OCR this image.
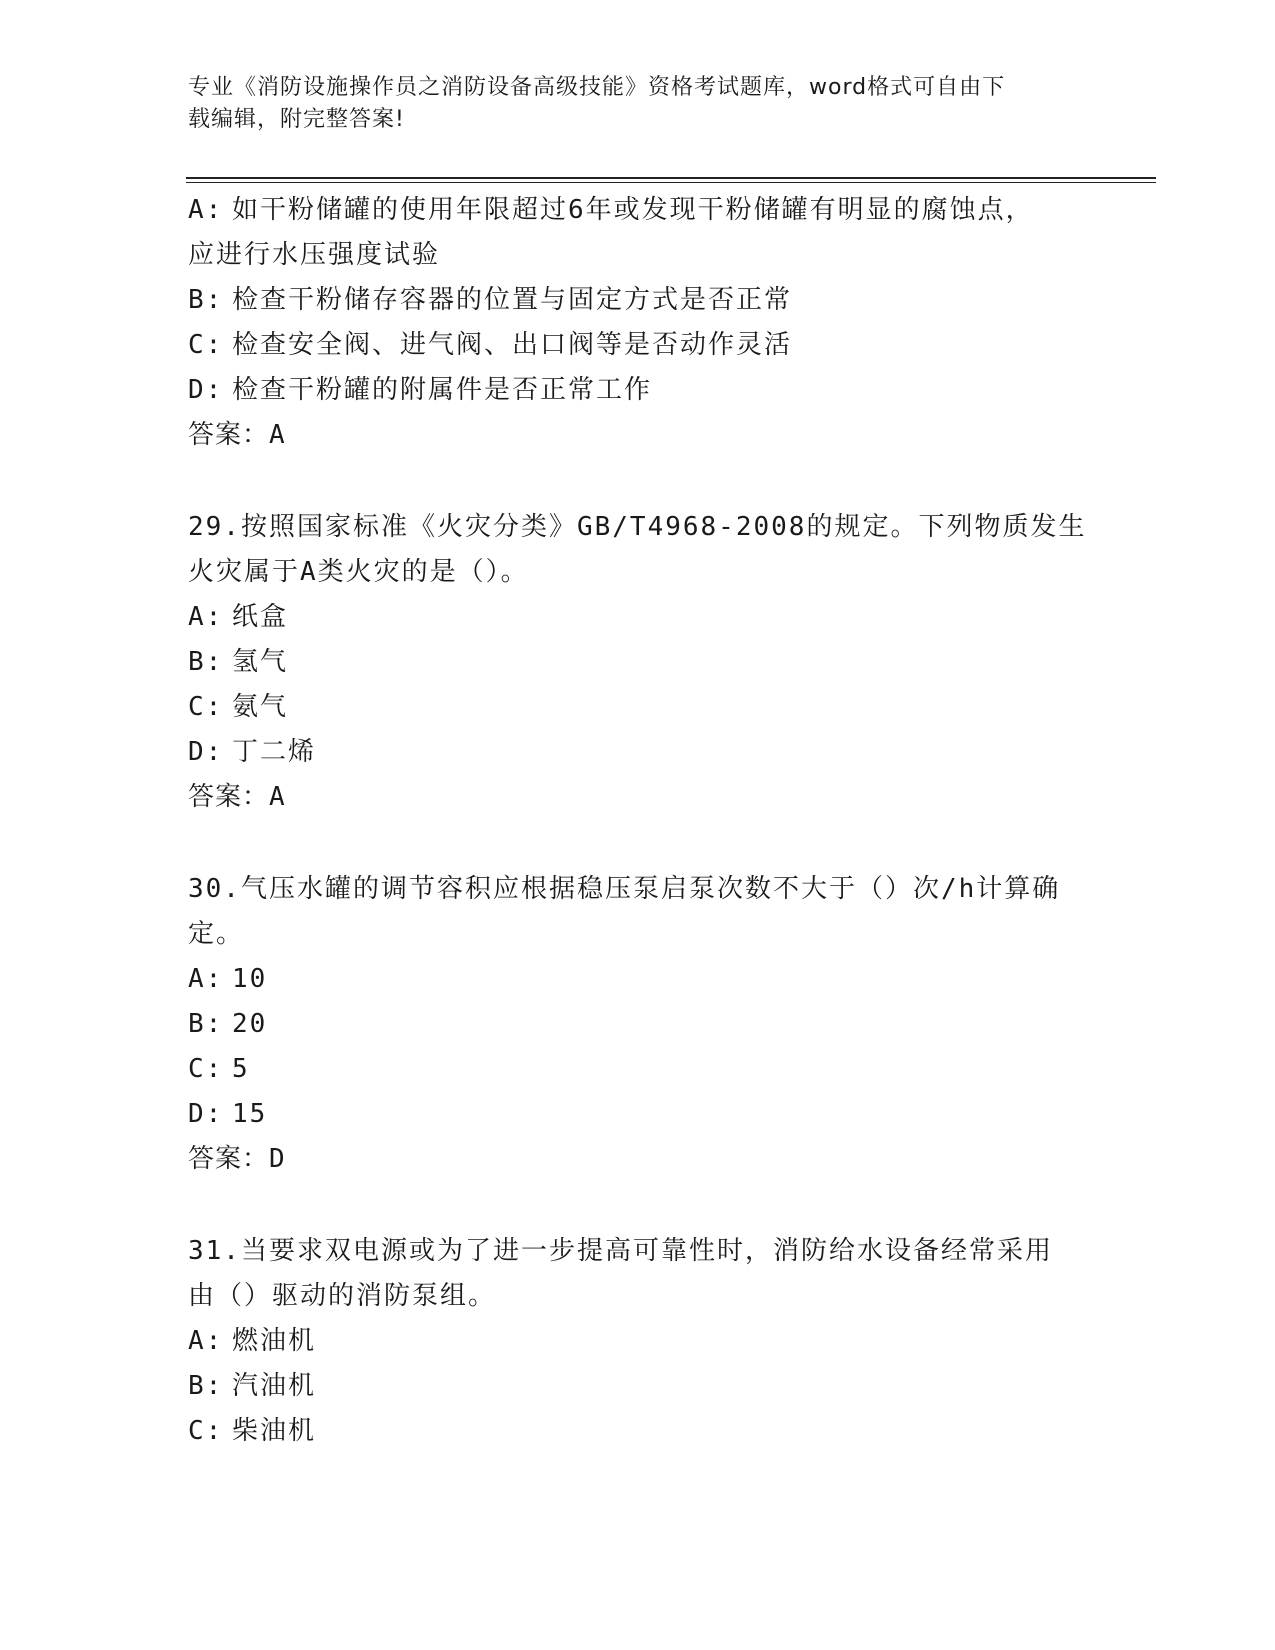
专业《消防设施操作员之消防设备高级技能》资格考试题库，word格式可自由下
载编辑，附完整答案!
A: 如干粉储罐的使用年限超过6年或发现干粉储罐有明显的腐蚀点，
应进行水压强度试验
B: 检查干粉储存容器的位置与固定方式是否正常
C: 检查安全阀、进气阀、出口阀等是否动作灵活
D: 检查干粉罐的附属件是否正常工作
答案：A
29.按照国家标准《火灾分类》GB/T4968-2008的规定。下列物质发生
火灾属于A类火灾的是（）。
A: 纸盒
B: 氢气
C: 氨气
D: 丁二烯
答案：A
30.气压水罐的调节容积应根据稳压泵启泵次数不大于（）次/h计算确
定。
A: 10
B: 20
C: 5
D: 15
答案：D
31.当要求双电源或为了进一步提高可靠性时，消防给水设备经常采用
由（）驱动的消防泵组。
A: 燃油机
B: 汽油机
C: 柴油机
